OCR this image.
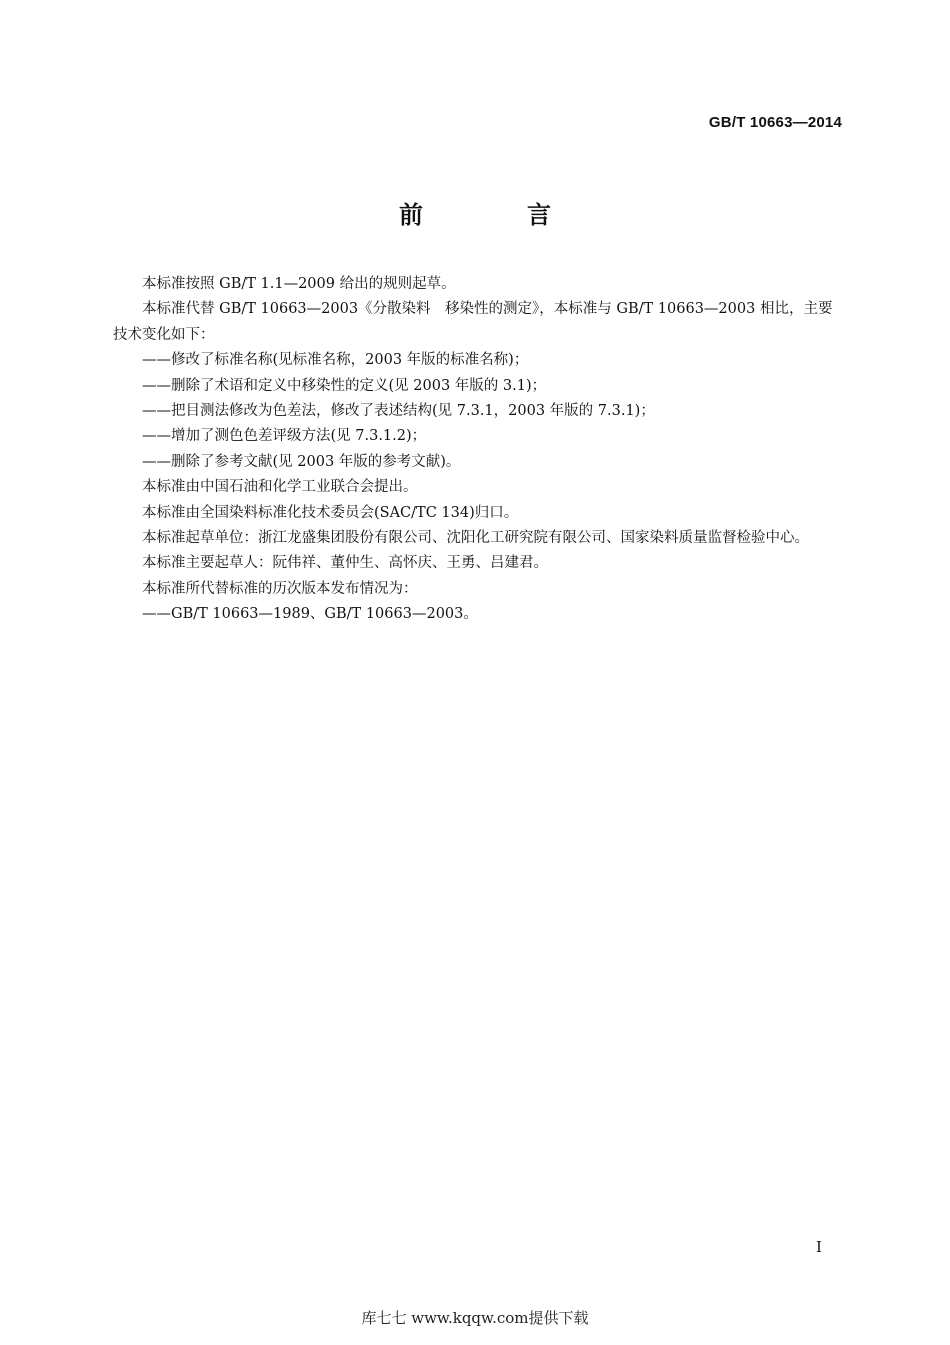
GB/T 10663—2014
前　言

本标准按照 GB/T 1.1—2009 给出的规则起草。

本标准代替 GB/T 10663—2003《分散染料　移染性的测定》，本标准与 GB/T 10663—2003 相比，主要技术变化如下：

——修改了标准名称(见标准名称，2003 年版的标准名称)；

——删除了术语和定义中移染性的定义(见 2003 年版的 3.1)；

——把目测法修改为色差法，修改了表述结构(见 7.3.1，2003 年版的 7.3.1)；

——增加了测色色差评级方法(见 7.3.1.2)；

——删除了参考文献(见 2003 年版的参考文献)。

本标准由中国石油和化学工业联合会提出。

本标准由全国染料标准化技术委员会(SAC/TC 134)归口。

本标准起草单位：浙江龙盛集团股份有限公司、沈阳化工研究院有限公司、国家染料质量监督检验中心。

本标准主要起草人：阮伟祥、董仲生、高怀庆、王勇、吕建君。

本标准所代替标准的历次版本发布情况为：

——GB/T 10663—1989、GB/T 10663—2003。

I
库七七 www.kqqw.com提供下载
